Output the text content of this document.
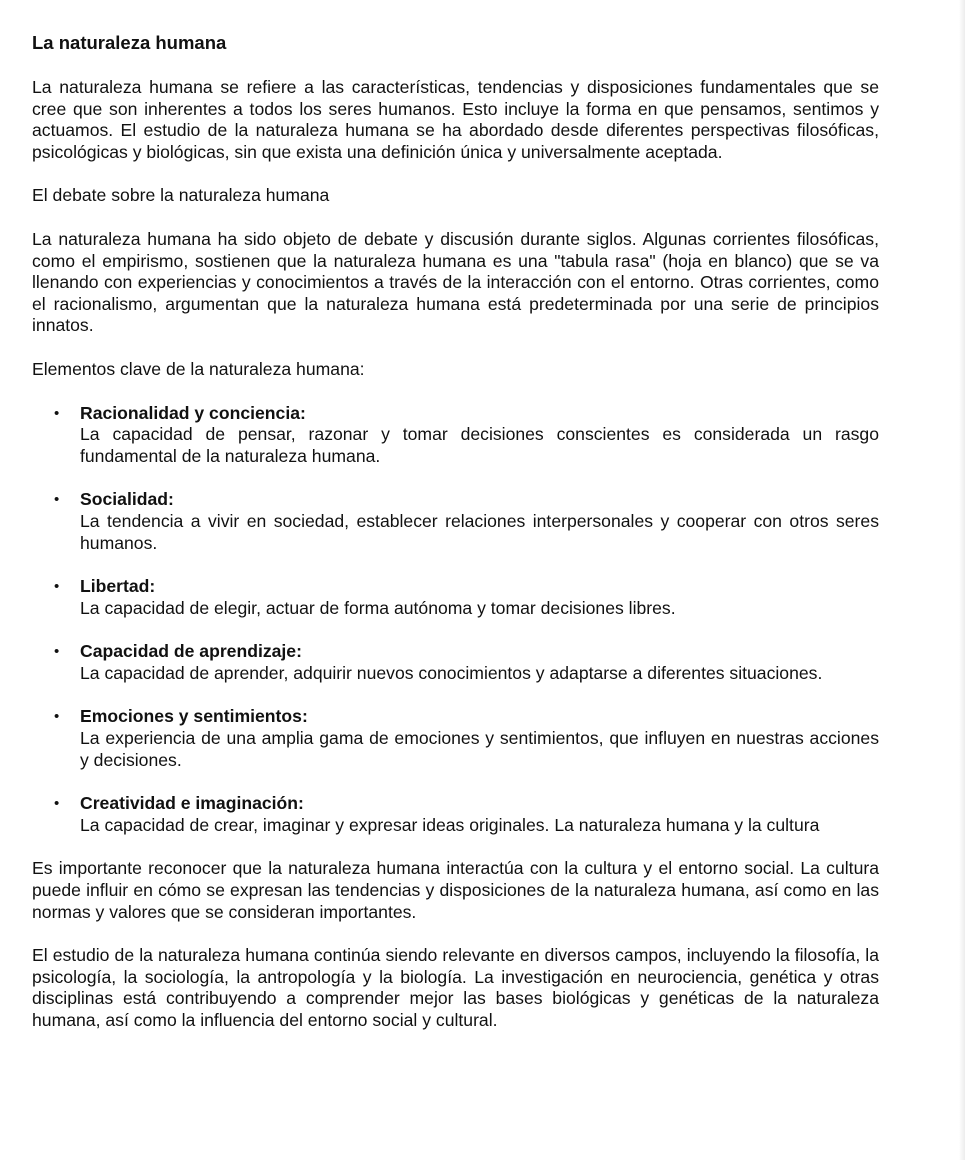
La naturaleza humana

La naturaleza humana se refiere a las características, tendencias y disposiciones fundamentales que se cree que son inherentes a todos los seres humanos. Esto incluye la forma en que pensamos, sentimos y actuamos. El estudio de la naturaleza humana se ha abordado desde diferentes perspectivas filosóficas, psicológicas y biológicas, sin que exista una definición única y universalmente aceptada.

El debate sobre la naturaleza humana

La naturaleza humana ha sido objeto de debate y discusión durante siglos. Algunas corrientes filosóficas, como el empirismo, sostienen que la naturaleza humana es una "tabula rasa" (hoja en blanco) que se va llenando con experiencias y conocimientos a través de la interacción con el entorno. Otras corrientes, como el racionalismo, argumentan que la naturaleza humana está predeterminada por una serie de principios innatos.

Elementos clave de la naturaleza humana:

• Racionalidad y conciencia:
La capacidad de pensar, razonar y tomar decisiones conscientes es considerada un rasgo fundamental de la naturaleza humana.
• Socialidad:
La tendencia a vivir en sociedad, establecer relaciones interpersonales y cooperar con otros seres humanos.
• Libertad:
La capacidad de elegir, actuar de forma autónoma y tomar decisiones libres.
• Capacidad de aprendizaje:
La capacidad de aprender, adquirir nuevos conocimientos y adaptarse a diferentes situaciones.
• Emociones y sentimientos:
La experiencia de una amplia gama de emociones y sentimientos, que influyen en nuestras acciones y decisiones.
• Creatividad e imaginación:
La capacidad de crear, imaginar y expresar ideas originales. La naturaleza humana y la cultura

Es importante reconocer que la naturaleza humana interactúa con la cultura y el entorno social. La cultura puede influir en cómo se expresan las tendencias y disposiciones de la naturaleza humana, así como en las normas y valores que se consideran importantes.

El estudio de la naturaleza humana continúa siendo relevante en diversos campos, incluyendo la filosofía, la psicología, la sociología, la antropología y la biología. La investigación en neurociencia, genética y otras disciplinas está contribuyendo a comprender mejor las bases biológicas y genéticas de la naturaleza humana, así como la influencia del entorno social y cultural.
